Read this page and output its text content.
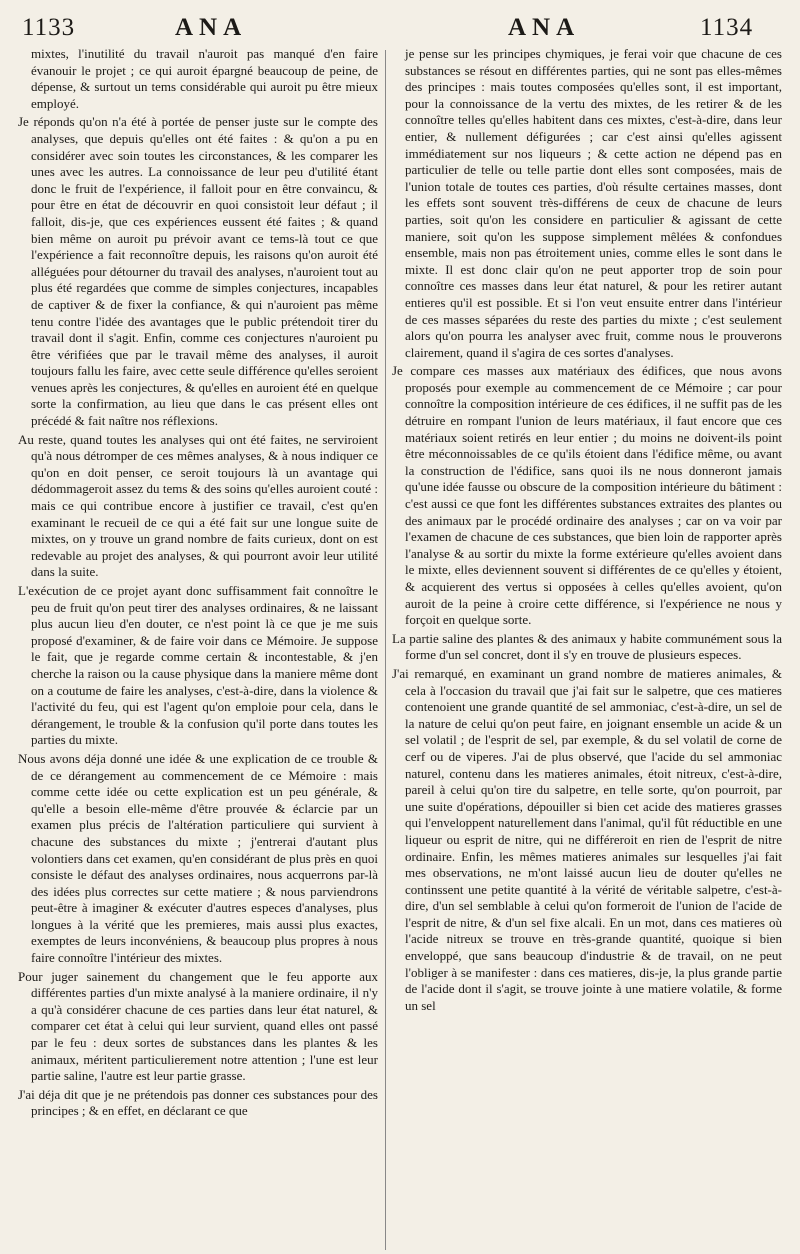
1133	ANA	ANA	1134

mixtes, l'inutilité du travail n'auroit pas manqué d'en faire évanouir le projet ; ce qui auroit épargné beaucoup de peine, de dépense, & surtout un tems considérable qui auroit pu être mieux employé.

Je réponds qu'on n'a été à portée de penser juste sur le compte des analyses, que depuis qu'elles ont été faites : & qu'on a pu en considérer avec soin toutes les circonstances, & les comparer les unes avec les autres. La connoissance de leur peu d'utilité étant donc le fruit de l'expérience, il falloit pour en être convaincu, & pour être en état de découvrir en quoi consistoit leur défaut ; il falloit, dis-je, que ces expériences eussent été faites ; & quand bien même on auroit pu prévoir avant ce tems-là tout ce que l'expérience a fait reconnoître depuis, les raisons qu'on auroit été alléguées pour détourner du travail des analyses, n'auroient tout au plus été regardées que comme de simples conjectures, incapables de captiver & de fixer la confiance, & qui n'auroient pas même tenu contre l'idée des avantages que le public prétendoit tirer du travail dont il s'agit. Enfin, comme ces conjectures n'auroient pu être vérifiées que par le travail même des analyses, il auroit toujours fallu les faire, avec cette seule différence qu'elles seroient venues après les conjectures, & qu'elles en auroient été en quelque sorte la confirmation, au lieu que dans le cas présent elles ont précédé & fait naître nos réflexions.

Au reste, quand toutes les analyses qui ont été faites, ne serviroient qu'à nous détromper de ces mêmes analyses, & à nous indiquer ce qu'on en doit penser, ce seroit toujours là un avantage qui dédommageroit assez du tems & des soins qu'elles auroient couté : mais ce qui contribue encore à justifier ce travail, c'est qu'en examinant le recueil de ce qui a été fait sur une longue suite de mixtes, on y trouve un grand nombre de faits curieux, dont on est redevable au projet des analyses, & qui pourront avoir leur utilité dans la suite.

L'exécution de ce projet ayant donc suffisamment fait connoître le peu de fruit qu'on peut tirer des analyses ordinaires, & ne laissant plus aucun lieu d'en douter, ce n'est point là ce que je me suis proposé d'examiner, & de faire voir dans ce Mémoire. Je suppose le fait, que je regarde comme certain & incontestable, & j'en cherche la raison ou la cause physique dans la maniere même dont on a coutume de faire les analyses, c'est-à-dire, dans la violence & l'activité du feu, qui est l'agent qu'on emploie pour cela, dans le dérangement, le trouble & la confusion qu'il porte dans toutes les parties du mixte.

Nous avons déja donné une idée & une explication de ce trouble & de ce dérangement au commencement de ce Mémoire : mais comme cette idée ou cette explication est un peu générale, & qu'elle a besoin elle-même d'être prouvée & éclarcie par un examen plus précis de l'altération particuliere qui survient à chacune des substances du mixte ; j'entrerai d'autant plus volontiers dans cet examen, qu'en considérant de plus près en quoi consiste le défaut des analyses ordinaires, nous acquerrons par-là des idées plus correctes sur cette matiere ; & nous parviendrons peut-être à imaginer & exécuter d'autres especes d'analyses, plus longues à la vérité que les premieres, mais aussi plus exactes, exemptes de leurs inconvéniens, & beaucoup plus propres à nous faire connoître l'intérieur des mixtes.

Pour juger sainement du changement que le feu apporte aux différentes parties d'un mixte analysé à la maniere ordinaire, il n'y a qu'à considérer chacune de ces parties dans leur état naturel, & comparer cet état à celui qui leur survient, quand elles ont passé par le feu : deux sortes de substances dans les plantes & les animaux, méritent particulierement notre attention ; l'une est leur partie saline, l'autre est leur partie grasse.

J'ai déja dit que je ne prétendois pas donner ces substances pour des principes ; & en effet, en déclarant ce que

je pense sur les principes chymiques, je ferai voir que chacune de ces substances se résout en différentes parties, qui ne sont pas elles-mêmes des principes : mais toutes composées qu'elles sont, il est important, pour la connoissance de la vertu des mixtes, de les retirer & de les connoître telles qu'elles habitent dans ces mixtes, c'est-à-dire, dans leur entier, & nullement défigurées ; car c'est ainsi qu'elles agissent immédiatement sur nos liqueurs ; & cette action ne dépend pas en particulier de telle ou telle partie dont elles sont composées, mais de l'union totale de toutes ces parties, d'où résulte certaines masses, dont les effets sont souvent très-différens de ceux de chacune de leurs parties, soit qu'on les considere en particulier & agissant de cette maniere, soit qu'on les suppose simplement mêlées & confondues ensemble, mais non pas étroitement unies, comme elles le sont dans le mixte. Il est donc clair qu'on ne peut apporter trop de soin pour connoître ces masses dans leur état naturel, & pour les retirer autant entieres qu'il est possible. Et si l'on veut ensuite entrer dans l'intérieur de ces masses séparées du reste des parties du mixte ; c'est seulement alors qu'on pourra les analyser avec fruit, comme nous le prouverons clairement, quand il s'agira de ces sortes d'analyses.

Je compare ces masses aux matériaux des édifices, que nous avons proposés pour exemple au commencement de ce Mémoire ; car pour connoître la composition intérieure de ces édifices, il ne suffit pas de les détruire en rompant l'union de leurs matériaux, il faut encore que ces matériaux soient retirés en leur entier ; du moins ne doivent-ils point être méconnoissables de ce qu'ils étoient dans l'édifice même, ou avant la construction de l'édifice, sans quoi ils ne nous donneront jamais qu'une idée fausse ou obscure de la composition intérieure du bâtiment : c'est aussi ce que font les différentes substances extraites des plantes ou des animaux par le procédé ordinaire des analyses ; car on va voir par l'examen de chacune de ces substances, que bien loin de rapporter après l'analyse & au sortir du mixte la forme extérieure qu'elles avoient dans le mixte, elles deviennent souvent si différentes de ce qu'elles y étoient, & acquierent des vertus si opposées à celles qu'elles avoient, qu'on auroit de la peine à croire cette différence, si l'expérience ne nous y forçoit en quelque sorte.

La partie saline des plantes & des animaux y habite communément sous la forme d'un sel concret, dont il s'y en trouve de plusieurs especes.

J'ai remarqué, en examinant un grand nombre de matieres animales, & cela à l'occasion du travail que j'ai fait sur le salpetre, que ces matieres contenoient une grande quantité de sel ammoniac, c'est-à-dire, un sel de la nature de celui qu'on peut faire, en joignant ensemble un acide & un sel volatil ; de l'esprit de sel, par exemple, & du sel volatil de corne de cerf ou de viperes. J'ai de plus observé, que l'acide du sel ammoniac naturel, contenu dans les matieres animales, étoit nitreux, c'est-à-dire, pareil à celui qu'on tire du salpetre, en telle sorte, qu'on pourroit, par une suite d'opérations, dépouiller si bien cet acide des matieres grasses qui l'enveloppent naturellement dans l'animal, qu'il fût réductible en une liqueur ou esprit de nitre, qui ne différeroit en rien de l'esprit de nitre ordinaire. Enfin, les mêmes matieres animales sur lesquelles j'ai fait mes observations, ne m'ont laissé aucun lieu de douter qu'elles ne continssent une petite quantité à la vérité de véritable salpetre, c'est-à-dire, d'un sel semblable à celui qu'on formeroit de l'union de l'acide de l'esprit de nitre, & d'un sel fixe alcali. En un mot, dans ces matieres où l'acide nitreux se trouve en très-grande quantité, quoique si bien enveloppé, que sans beaucoup d'industrie & de travail, on ne peut l'obliger à se manifester : dans ces matieres, dis-je, la plus grande partie de l'acide dont il s'agit, se trouve jointe à une matiere volatile, & forme un sel
